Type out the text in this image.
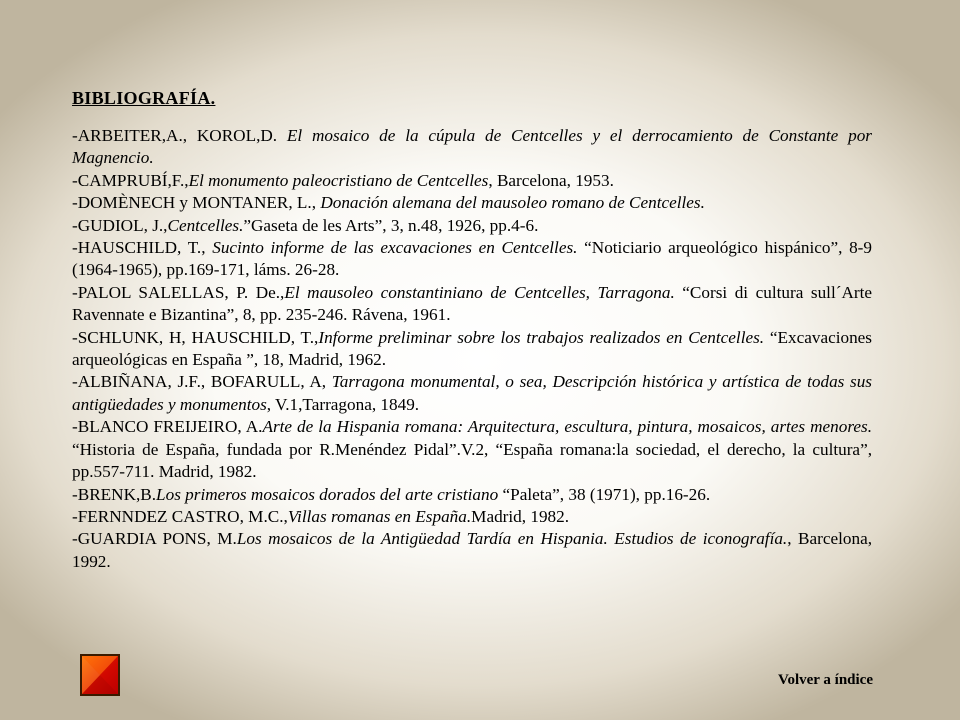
BIBLIOGRAFÍA.

-ARBEITER,A., KOROL,D. El mosaico de la cúpula de Centcelles y el derrocamiento de Constante por Magnencio.

-CAMPRUBÍ,F.,El monumento paleocristiano de Centcelles, Barcelona, 1953.

-DOMÈNECH y MONTANER, L., Donación alemana del mausoleo romano de Centcelles.

-GUDIOL, J.,Centcelles.”Gaseta de les Arts”, 3, n.48, 1926, pp.4-6.

-HAUSCHILD, T., Sucinto informe de las excavaciones en Centcelles. “Noticiario arqueológico hispánico”, 8-9 (1964-1965), pp.169-171, láms. 26-28.

-PALOL SALELLAS, P. De.,El mausoleo constantiniano de Centcelles, Tarragona. “Corsi di cultura sull´Arte Ravennate e Bizantina”, 8, pp. 235-246. Rávena, 1961.

-SCHLUNK, H, HAUSCHILD, T.,Informe preliminar sobre los trabajos realizados en Centcelles. “Excavaciones arqueológicas en España ”, 18, Madrid, 1962.

-ALBIÑANA, J.F., BOFARULL, A, Tarragona monumental, o sea, Descripción histórica y artística de todas sus antigüedades y monumentos, V.1,Tarragona, 1849.

-BLANCO FREIJEIRO, A.Arte de la Hispania romana: Arquitectura, escultura, pintura, mosaicos, artes menores. “Historia de España, fundada por R.Menéndez Pidal”.V.2, “España romana:la sociedad, el derecho, la cultura”, pp.557-711. Madrid, 1982.

-BRENK,B.Los primeros mosaicos dorados del arte cristiano “Paleta”, 38 (1971), pp.16-26.

-FERNNDEZ CASTRO, M.C.,Villas romanas en España.Madrid, 1982.

-GUARDIA PONS, M.Los mosaicos de la Antigüedad Tardía en Hispania. Estudios de iconografía., Barcelona, 1992.

Volver a índice
